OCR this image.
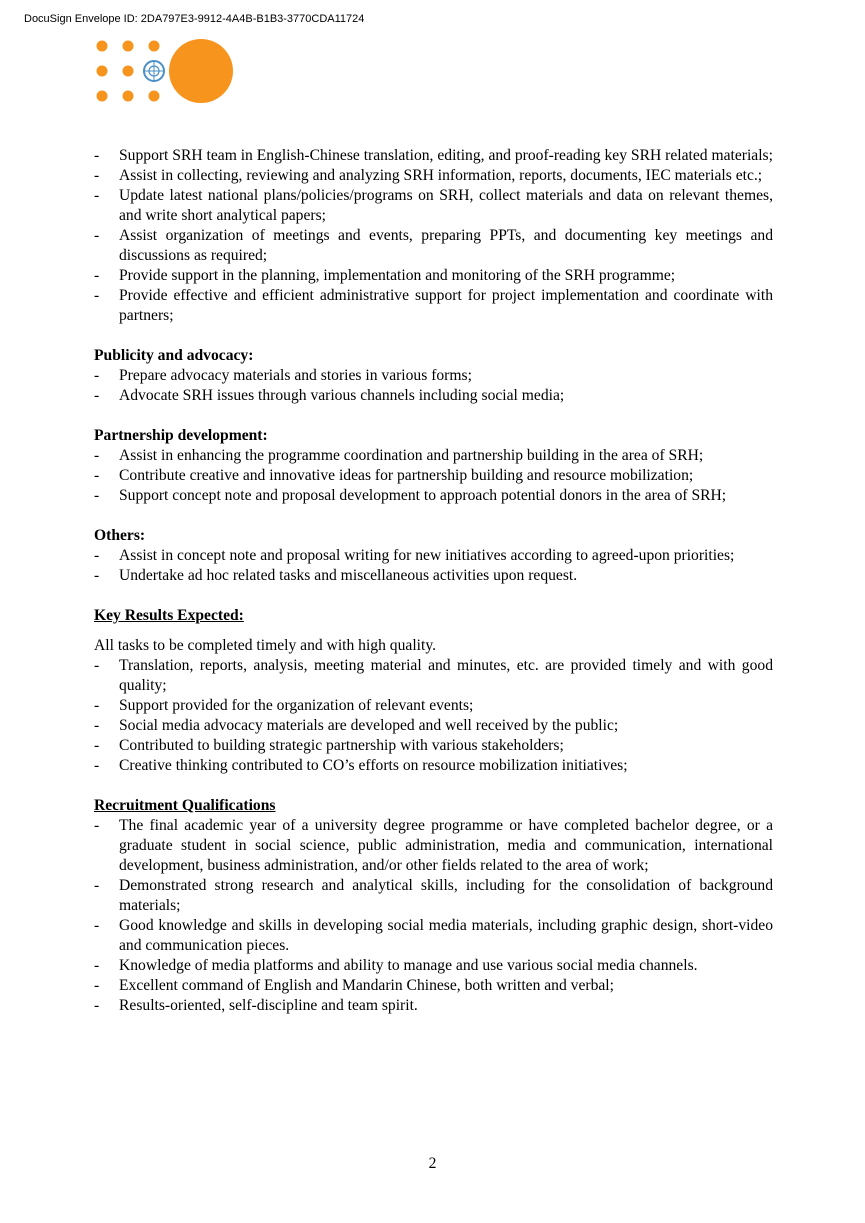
DocuSign Envelope ID: 2DA797E3-9912-4A4B-B1B3-3770CDA11724
- Support SRH team in English-Chinese translation, editing, and proof-reading key SRH related materials;
- Assist in collecting, reviewing and analyzing SRH information, reports, documents, IEC materials etc.;
- Update latest national plans/policies/programs on SRH, collect materials and data on relevant themes, and write short analytical papers;
- Assist organization of meetings and events, preparing PPTs, and documenting key meetings and discussions as required;
- Provide support in the planning, implementation and monitoring of the SRH programme;
- Provide effective and efficient administrative support for project implementation and coordinate with partners;
Publicity and advocacy:
- Prepare advocacy materials and stories in various forms;
- Advocate SRH issues through various channels including social media;
Partnership development:
- Assist in enhancing the programme coordination and partnership building in the area of SRH;
- Contribute creative and innovative ideas for partnership building and resource mobilization;
- Support concept note and proposal development to approach potential donors in the area of SRH;
Others:
- Assist in concept note and proposal writing for new initiatives according to agreed-upon priorities;
- Undertake ad hoc related tasks and miscellaneous activities upon request.
Key Results Expected:

All tasks to be completed timely and with high quality.

- Translation, reports, analysis, meeting material and minutes, etc. are provided timely and with good quality;
- Support provided for the organization of relevant events;
- Social media advocacy materials are developed and well received by the public;
- Contributed to building strategic partnership with various stakeholders;
- Creative thinking contributed to CO’s efforts on resource mobilization initiatives;
Recruitment Qualifications
- The final academic year of a university degree programme or have completed bachelor degree, or a graduate student in social science, public administration, media and communication, international development, business administration, and/or other fields related to the area of work;
- Demonstrated strong research and analytical skills, including for the consolidation of background materials;
- Good knowledge and skills in developing social media materials, including graphic design, short-video and communication pieces.
- Knowledge of media platforms and ability to manage and use various social media channels.
- Excellent command of English and Mandarin Chinese, both written and verbal;
- Results-oriented, self-discipline and team spirit.
2
